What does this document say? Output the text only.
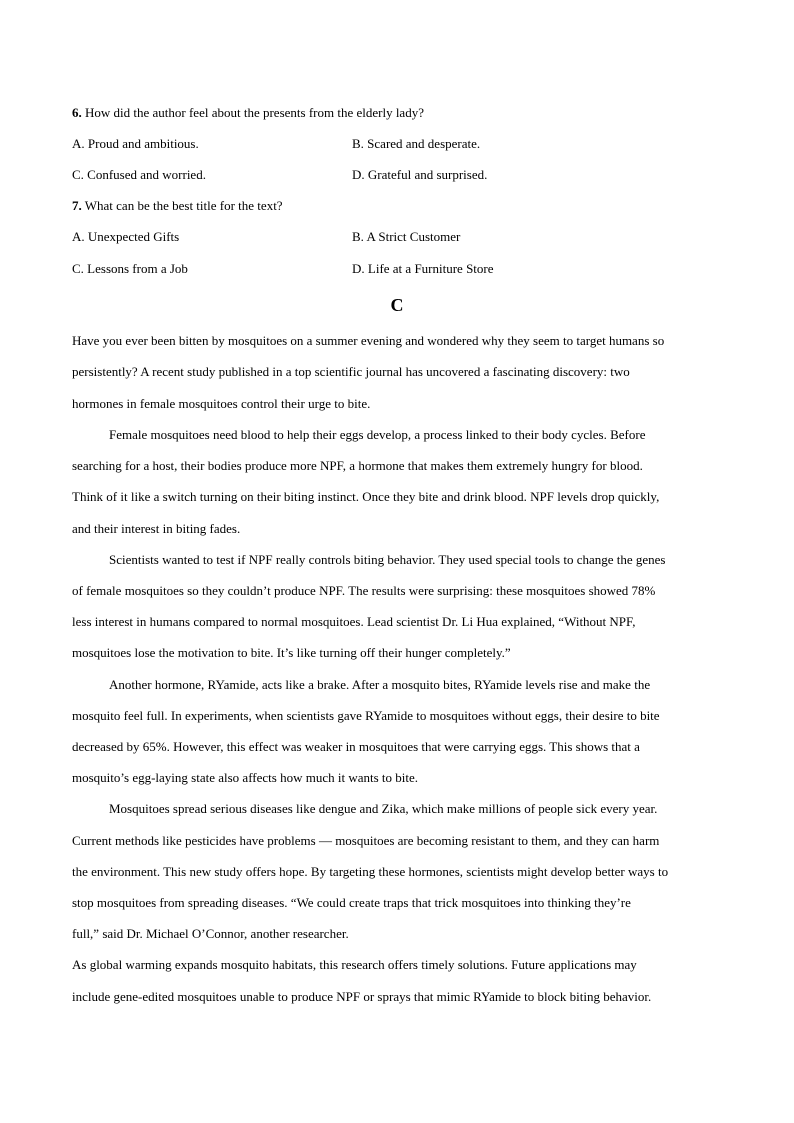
6. How did the author feel about the presents from the elderly lady?
A. Proud and ambitious.	B. Scared and desperate.
C. Confused and worried.	D. Grateful and surprised.
7. What can be the best title for the text?
A. Unexpected Gifts	B. A Strict Customer
C. Lessons from a Job	D. Life at a Furniture Store
C
Have you ever been bitten by mosquitoes on a summer evening and wondered why they seem to target humans so
persistently? A recent study published in a top scientific journal has uncovered a fascinating discovery: two
hormones in female mosquitoes control their urge to bite.
Female mosquitoes need blood to help their eggs develop, a process linked to their body cycles. Before
searching for a host, their bodies produce more NPF, a hormone that makes them extremely hungry for blood.
Think of it like a switch turning on their biting instinct. Once they bite and drink blood. NPF levels drop quickly,
and their interest in biting fades.
Scientists wanted to test if NPF really controls biting behavior. They used special tools to change the genes
of female mosquitoes so they couldn’t produce NPF. The results were surprising: these mosquitoes showed 78%
less interest in humans compared to normal mosquitoes. Lead scientist Dr. Li Hua explained, “Without NPF,
mosquitoes lose the motivation to bite. It’s like turning off their hunger completely.”
Another hormone, RYamide, acts like a brake. After a mosquito bites, RYamide levels rise and make the
mosquito feel full. In experiments, when scientists gave RYamide to mosquitoes without eggs, their desire to bite
decreased by 65%. However, this effect was weaker in mosquitoes that were carrying eggs. This shows that a
mosquito’s egg-laying state also affects how much it wants to bite.
Mosquitoes spread serious diseases like dengue and Zika, which make millions of people sick every year.
Current methods like pesticides have problems — mosquitoes are becoming resistant to them, and they can harm
the environment. This new study offers hope. By targeting these hormones, scientists might develop better ways to
stop mosquitoes from spreading diseases. “We could create traps that trick mosquitoes into thinking they’re
full,” said Dr. Michael O’Connor, another researcher.
As global warming expands mosquito habitats, this research offers timely solutions. Future applications may
include gene-edited mosquitoes unable to produce NPF or sprays that mimic RYamide to block biting behavior.
